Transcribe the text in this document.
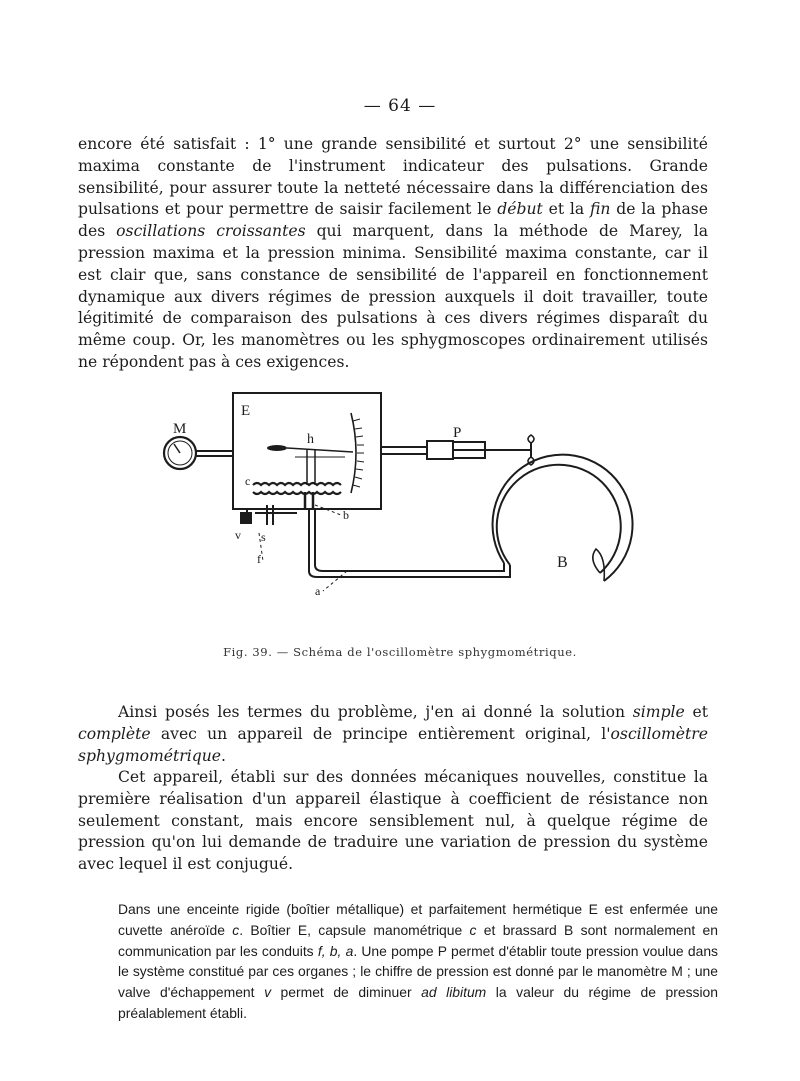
— 64 —

encore été satisfait : 1° une grande sensibilité et surtout 2° une sensibilité maxima constante de l'instrument indicateur des pulsations. Grande sensibilité, pour assurer toute la netteté nécessaire dans la différenciation des pulsations et pour permettre de saisir facilement le début et la fin de la phase des oscillations croissantes qui marquent, dans la méthode de Marey, la pression maxima et la pression minima. Sensibilité maxima constante, car il est clair que, sans constance de sensibilité de l'appareil en fonctionnement dynamique aux divers régimes de pression auxquels il doit travailler, toute légitimité de comparaison des pulsations à ces divers régimes disparaît du même coup. Or, les manomètres ou les sphygmoscopes ordinairement utilisés ne répondent pas à ces exigences.

M
E
h	P
c
b
v s
f
a
B
Fig. 39. — Schéma de l'oscillomètre sphygmométrique.

Ainsi posés les termes du problème, j'en ai donné la solution simple et complète avec un appareil de principe entièrement original, l'oscillomètre sphygmométrique.

Cet appareil, établi sur des données mécaniques nouvelles, constitue la première réalisation d'un appareil élastique à coefficient de résistance non seulement constant, mais encore sensiblement nul, à quelque régime de pression qu'on lui demande de traduire une variation de pression du système avec lequel il est conjugué.

Dans une enceinte rigide (boîtier métallique) et parfaitement hermétique E est enfermée une cuvette anéroïde c. Boîtier E, capsule manométrique c et brassard B sont normalement en communication par les conduits f, b, a. Une pompe P permet d'établir toute pression voulue dans le système constitué par ces organes ; le chiffre de pression est donné par le manomètre M ; une valve d'échappement v permet de diminuer ad libitum la valeur du régime de pression préalablement établi.
